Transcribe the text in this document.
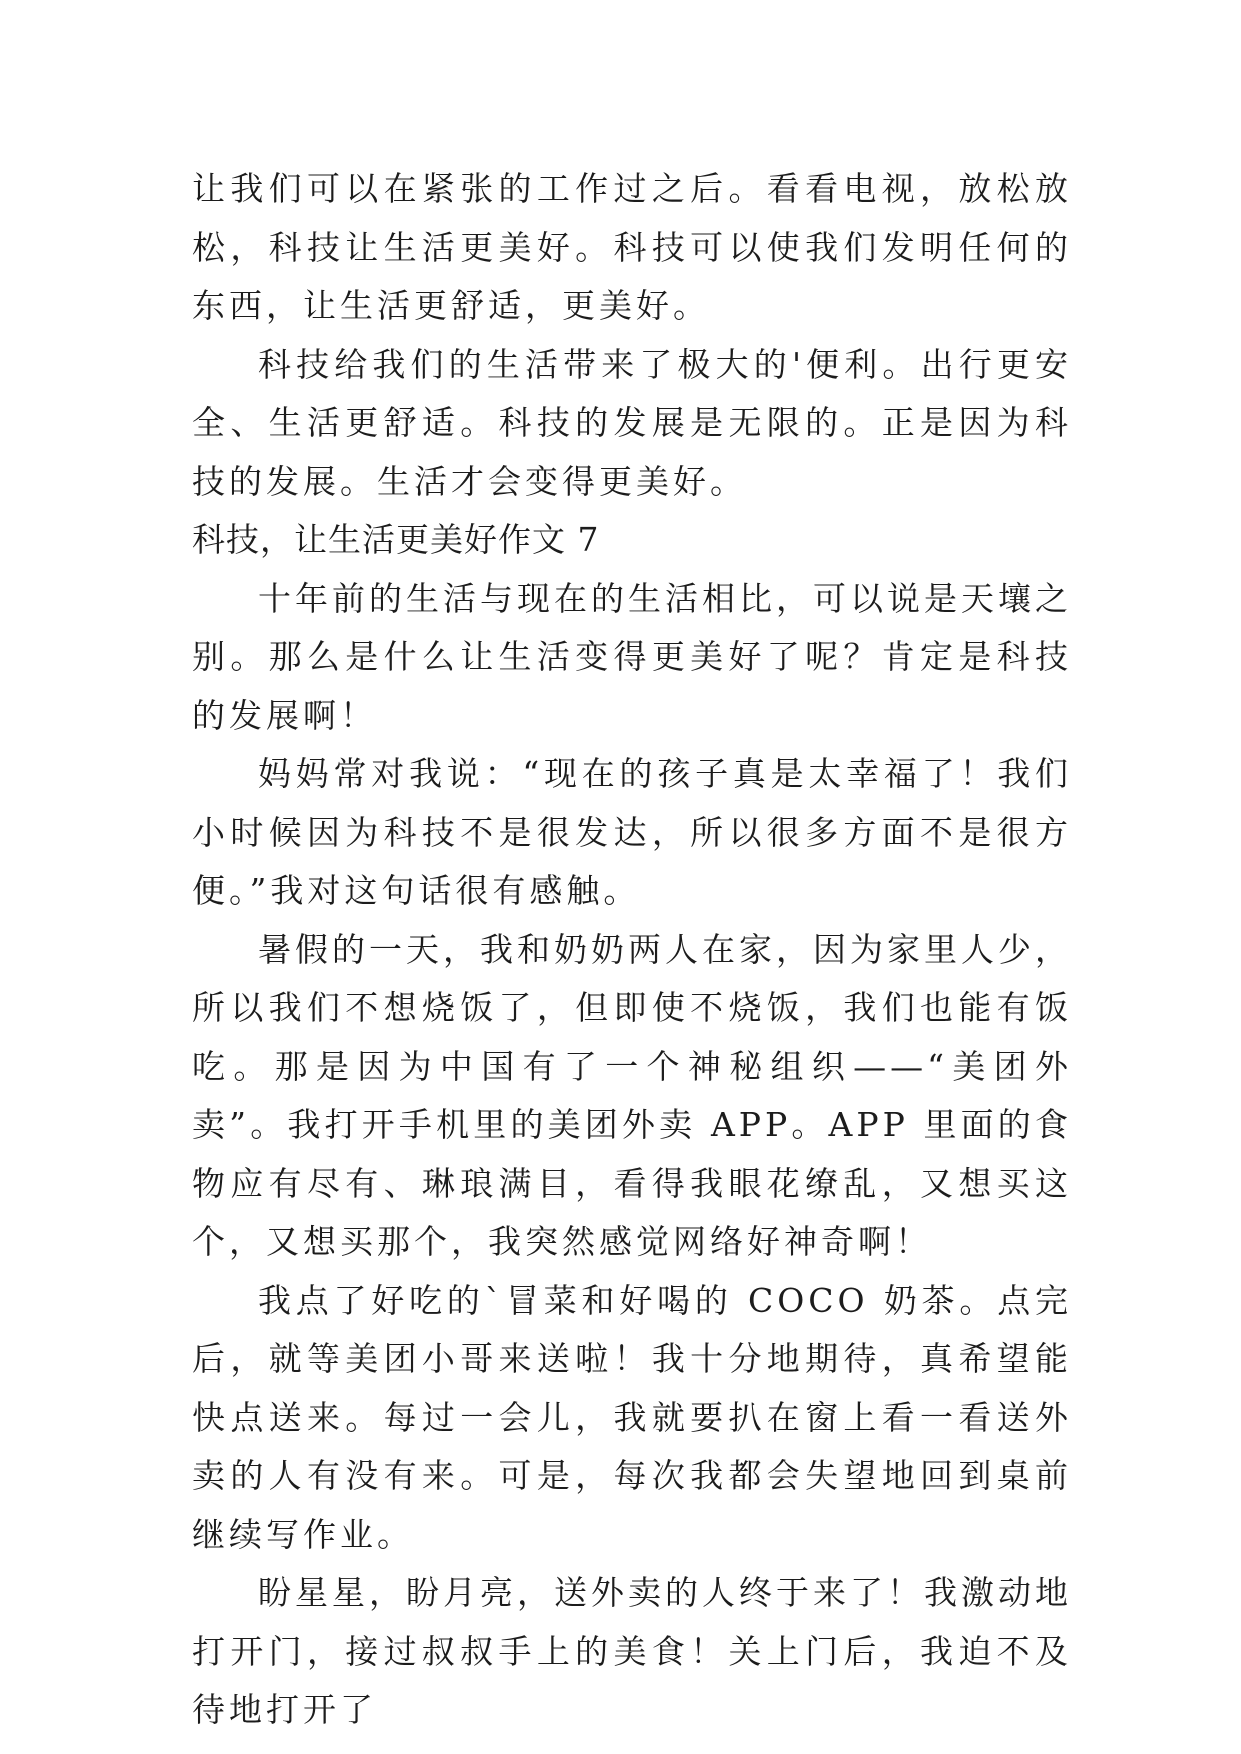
让我们可以在紧张的工作过之后。看看电视，放松放松，科技让生活更美好。科技可以使我们发明任何的东西，让生活更舒适，更美好。

科技给我们的生活带来了极大的'便利。出行更安全、生活更舒适。科技的发展是无限的。正是因为科技的发展。生活才会变得更美好。

科技，让生活更美好作文 7

十年前的生活与现在的生活相比，可以说是天壤之别。那么是什么让生活变得更美好了呢？肯定是科技的发展啊！

妈妈常对我说：“现在的孩子真是太幸福了！我们小时候因为科技不是很发达，所以很多方面不是很方便。”我对这句话很有感触。

暑假的一天，我和奶奶两人在家，因为家里人少，所以我们不想烧饭了，但即使不烧饭，我们也能有饭吃。那是因为中国有了一个神秘组织——“美团外卖”。我打开手机里的美团外卖 APP。APP 里面的食物应有尽有、琳琅满目，看得我眼花缭乱，又想买这个，又想买那个，我突然感觉网络好神奇啊！

我点了好吃的`冒菜和好喝的 COCO 奶茶。点完后，就等美团小哥来送啦！我十分地期待，真希望能快点送来。每过一会儿，我就要扒在窗上看一看送外卖的人有没有来。可是，每次我都会失望地回到桌前继续写作业。

盼星星，盼月亮，送外卖的人终于来了！我激动地打开门，接过叔叔手上的美食！关上门后，我迫不及待地打开了
